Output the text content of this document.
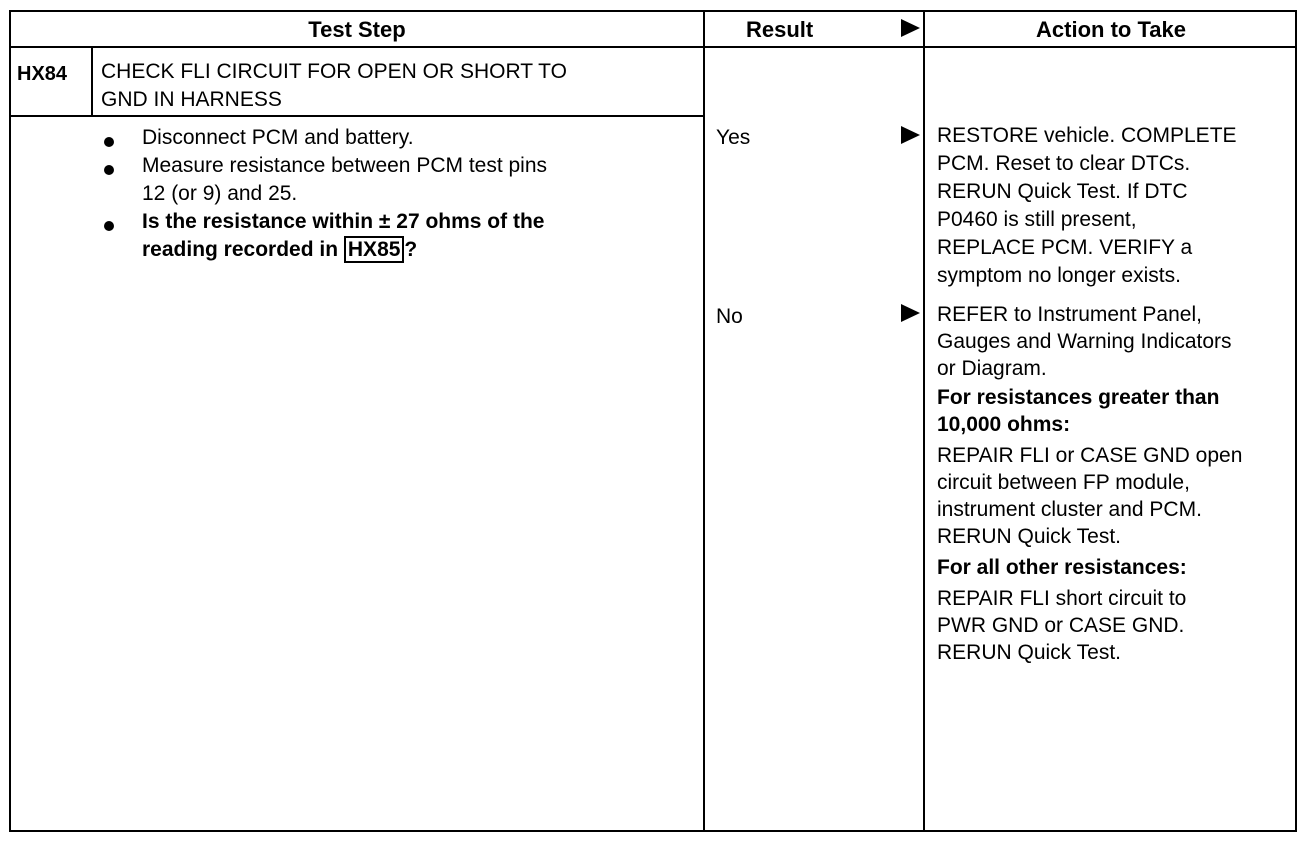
Test Step	Result	Action to Take
HX84 CHECK FLI CIRCUIT FOR OPEN OR SHORT TO
GND IN HARNESS
Disconnect PCM and battery.
Measure resistance between PCM test pins
12 (or 9) and 25.
Is the resistance within ± 27 ohms of the
reading recorded in HX85 ?
Yes
No
RESTORE vehicle. COMPLETE
PCM. Reset to clear DTCs.
RERUN Quick Test. If DTC
P0460 is still present,
REPLACE PCM. VERIFY a
symptom no longer exists.
REFER to Instrument Panel,
Gauges and Warning Indicators
or Diagram.
For resistances greater than
10,000 ohms:
REPAIR FLI or CASE GND open
circuit between FP module,
instrument cluster and PCM.
RERUN Quick Test.
For all other resistances:
REPAIR FLI short circuit to
PWR GND or CASE GND.
RERUN Quick Test.
